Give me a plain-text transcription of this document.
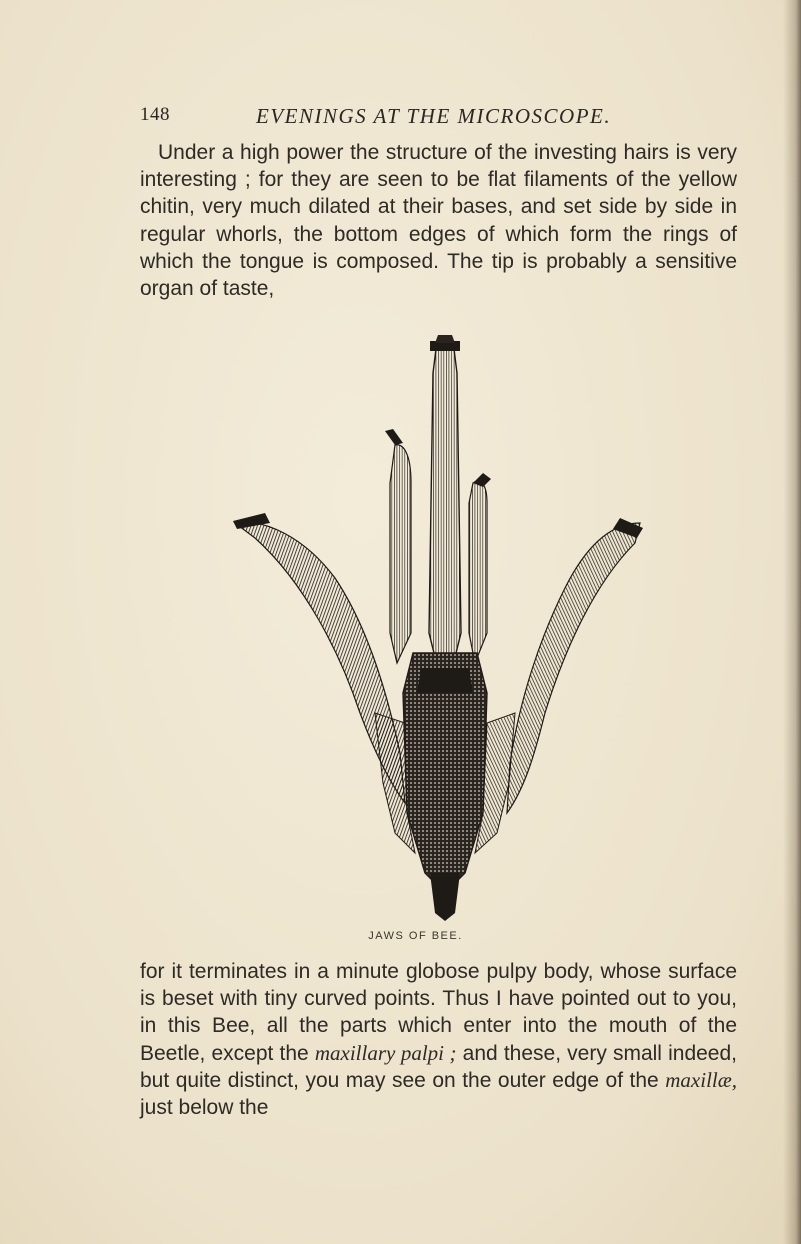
148	EVENINGS AT THE MICROSCOPE.

Under a high power the structure of the investing hairs is very interesting ; for they are seen to be flat filaments of the yellow chitin, very much dilated at their bases, and set side by side in regular whorls, the bottom edges of which form the rings of which the tongue is composed. The tip is probably a sensitive organ of taste,

JAWS OF BEE.

for it terminates in a minute globose pulpy body, whose surface is beset with tiny curved points. Thus I have pointed out to you, in this Bee, all the parts which enter into the mouth of the Beetle, except the maxillary palpi ; and these, very small indeed, but quite distinct, you may see on the outer edge of the maxillæ, just below the
